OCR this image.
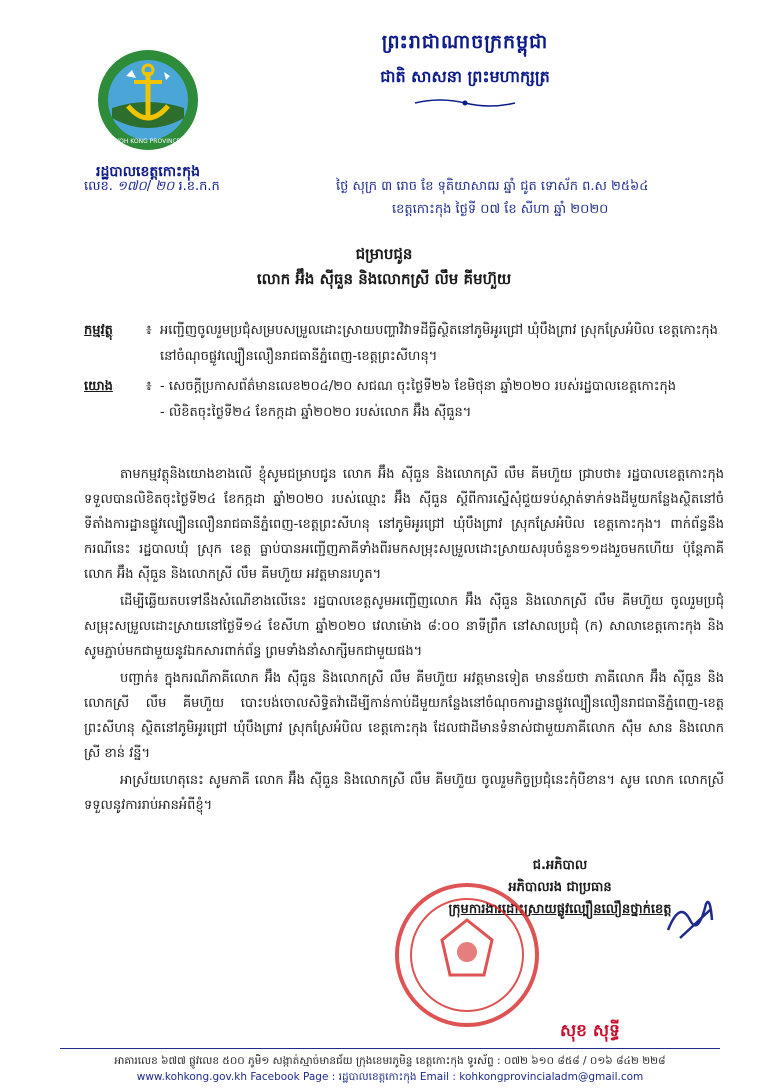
KOH KONG PROVINCE
រដ្ឋបាលខេត្តកោះកុង
ព្រះរាជាណាចក្រកម្ពុជា
ជាតិ សាសនា ព្រះមហាក្សត្រ
លេខ. ១៧០/ ២០ រ.ខ.ក.ក	ថ្ងៃ សុក្រ ៣ រោច ខែ ទុតិយាសាឍ ឆ្នាំ ជូត ទោស័ក ព.ស ២៥៦៤
ខេត្តកោះកុង ថ្ងៃទី ០៧ ខែ សីហា ឆ្នាំ ២០២០
ជម្រាបជូន
លោក អ៊ឹង ស៊ីធួន និងលោកស្រី លឹម គីមហ៊ួយ
កម្មវត្ថុ	៖ អញ្ជើញចូលរួមប្រជុំសម្របសម្រួលដោះស្រាយបញ្ហាវិវាទដីធ្លីស្ថិតនៅភូមិអូរជ្រៅ ឃុំបឹងព្រាវ ស្រុកស្រែអំបិល ខេត្តកោះកុង នៅចំណុចផ្លូវល្បឿនលឿនរាជធានីភ្នំពេញ-ខេត្តព្រះសីហនុ។
យោង	៖ - សេចក្តីប្រកាសព័ត៌មានលេខ២០៤/២០ សជណ ចុះថ្ងៃទី២៦ ខែមិថុនា ឆ្នាំ២០២០ របស់រដ្ឋបាលខេត្តកោះកុង
- លិខិតចុះថ្ងៃទី២៤ ខែកក្កដា ឆ្នាំ២០២០ របស់លោក អ៊ឹង ស៊ីធួន។

តាមកម្មវត្ថុនិងយោងខាងលើ ខ្ញុំសូមជម្រាបជូន លោក អ៊ឹង ស៊ីធួន និងលោកស្រី លឹម គីមហ៊ួយ ជ្រាបថា៖ រដ្ឋបាលខេត្តកោះកុង ទទួលបានលិខិតចុះថ្ងៃទី២៤ ខែកក្កដា ឆ្នាំ២០២០ របស់ឈ្មោះ អ៊ឹង ស៊ីធួន ស្តីពីការស្នើសុំជួយទប់ស្កាត់ទាក់ទងដីមួយកន្លែងស្ថិតនៅចំទីតាំងការដ្ឋានផ្លូវល្បឿនលឿនរាជធានីភ្នំពេញ-ខេត្តព្រះសីហនុ នៅភូមិអូរជ្រៅ ឃុំបឹងព្រាវ ស្រុកស្រែអំបិល ខេត្តកោះកុង។ ពាក់ព័ន្ធនឹងករណីនេះ រដ្ឋបាលឃុំ ស្រុក ខេត្ត ធ្លាប់បានអញ្ជើញភាគីទាំងពីរមកសម្រុះសម្រួលដោះស្រាយសរុបចំនួន១១ដងរួចមកហើយ ប៉ុន្តែភាគីលោក អ៊ឹង ស៊ីធួន និងលោកស្រី លឹម គីមហ៊ួយ អវត្តមានរហូត។

ដើម្បីឆ្លើយតបទៅនឹងសំណើខាងលើនេះ រដ្ឋបាលខេត្តសូមអញ្ជើញលោក អ៊ឹង ស៊ីធួន និងលោកស្រី លឹម គីមហ៊ួយ ចូលរួមប្រជុំសម្រុះសម្រួលដោះស្រាយនៅថ្ងៃទី១៤ ខែសីហា ឆ្នាំ២០២០ វេលាម៉ោង ៨:០០ នាទីព្រឹក នៅសាលប្រជុំ (ក) សាលាខេត្តកោះកុង និងសូមភ្ជាប់មកជាមួយនូវឯកសារពាក់ព័ន្ធ ព្រមទាំងនាំសាក្សីមកជាមួយផង។

បញ្ជាក់៖ ក្នុងករណីភាគីលោក អ៊ឹង ស៊ីធួន និងលោកស្រី លឹម គីមហ៊ួយ អវត្តមានទៀត មានន័យថា ភាគីលោក អ៊ឹង ស៊ីធួន និងលោកស្រី លឹម គីមហ៊ួយ បោះបង់ចោលសិទ្ធិតវ៉ាដើម្បីកាន់កាប់ដីមួយកន្លែងនៅចំណុចការដ្ឋានផ្លូវល្បឿនលឿនរាជធានីភ្នំពេញ-ខេត្តព្រះសីហនុ ស្ថិតនៅភូមិអូរជ្រៅ ឃុំបឹងព្រាវ ស្រុកស្រែអំបិល ខេត្តកោះកុង ដែលជាដីមានទំនាស់ជាមួយភាគីលោក ស៊ឹម សាន និងលោកស្រី ខាន់ វន្នី។

អាស្រ័យហេតុនេះ សូមភាគី លោក អ៊ឹង ស៊ីធួន និងលោកស្រី លឹម គីមហ៊ួយ ចូលរួមកិច្ចប្រជុំនេះកុំបីខាន។ សូម លោក លោកស្រី ទទួលនូវការរាប់អានអំពីខ្ញុំ។

ជ.អភិបាល
អភិបាលរង ជាប្រធាន
ក្រុមការងារដោះស្រាយផ្លូវល្បឿនលឿនថ្នាក់ខេត្ត
សុខ សុទ្ធី
អាគារលេខ ៦៧៧ ផ្លូវលេខ ៥០០ ភូមិ១ សង្កាត់ស្មាច់មានជ័យ ក្រុងខេមរភូមិន្ទ ខេត្តកោះកុង ទូរស័ព្ទ : ០៧២ ៦១០ ៨៥៨ / ០១៦ ៨៤២ ២២៨
www.kohkong.gov.kh Facebook Page : រដ្ឋបាលខេត្តកោះកុង Email : kohkongprovincialadm@gmail.com
